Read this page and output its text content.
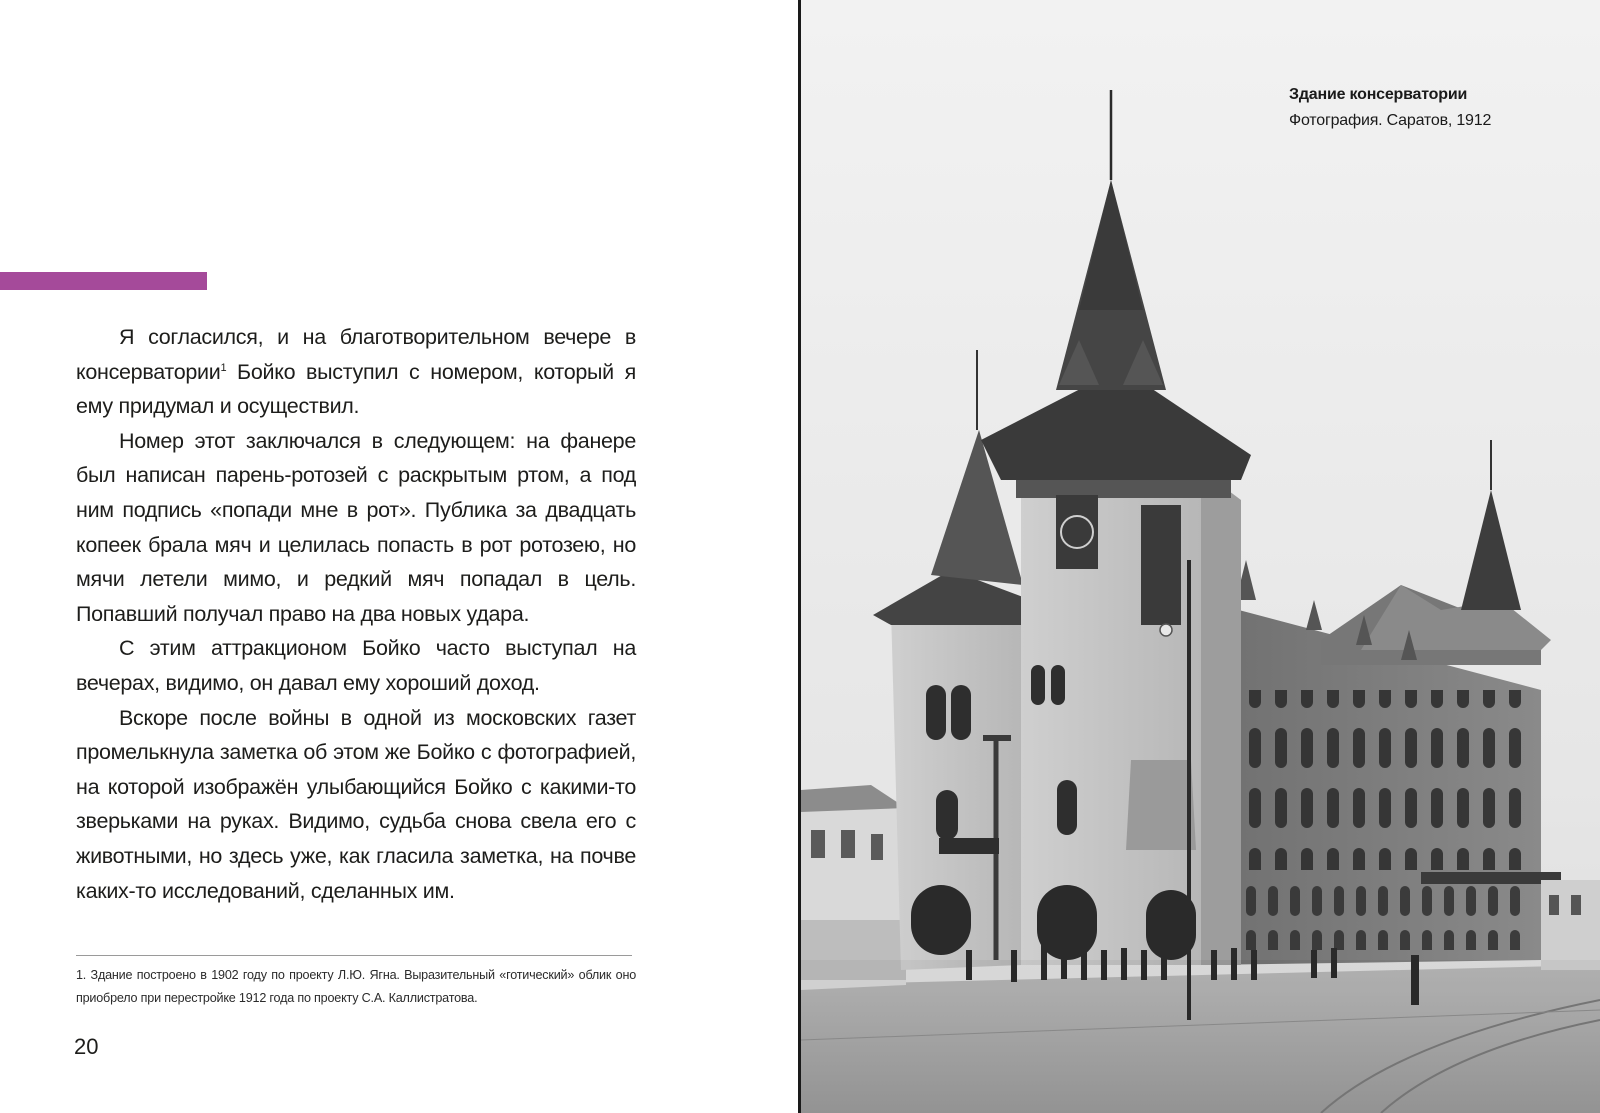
Я согласился, и на благотворительном вечере в консерватории$^1$ Бойко выступил с номером, который я ему придумал и осуществил.

Номер этот заключался в следующем: на фанере был написан парень-ротозей с раскрытым ртом, а под ним подпись «попади мне в рот». Публика за двадцать копеек брала мяч и целилась попасть в рот ротозею, но мячи летели мимо, и редкий мяч попадал в цель. Попавший получал право на два новых удара.

С этим аттракционом Бойко часто выступал на вечерах, видимо, он давал ему хороший доход.

Вскоре после войны в одной из московских газет промелькнула заметка об этом же Бойко с фотографией, на которой изображён улыбающийся Бойко с какими-то зверьками на руках. Видимо, судьба снова свела его с животными, но здесь уже, как гласила заметка, на почве каких-то исследований, сделанных им.

1. Здание построено в 1902 году по проекту Л.Ю. Ягна. Выразительный «готический» облик оно приобрело при перестройке 1912 года по проекту С.А. Каллистратова.
20
Здание консерватории
Фотография. Саратов, 1912
